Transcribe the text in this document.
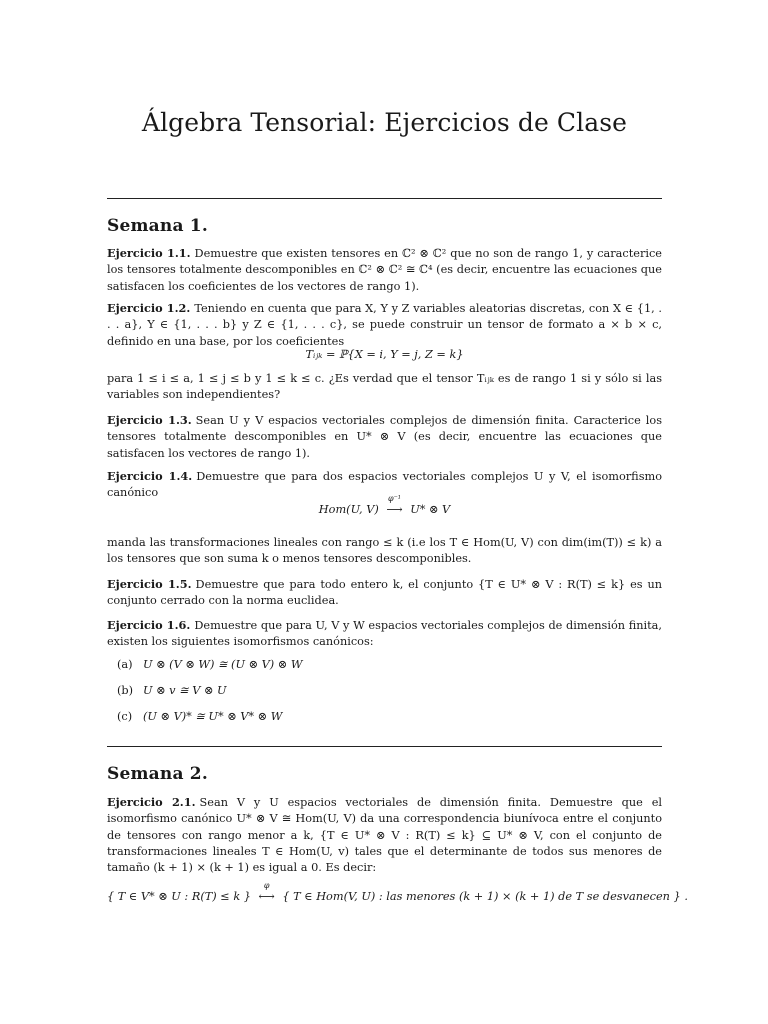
Álgebra Tensorial: Ejercicios de Clase
Semana 1.

Ejercicio 1.1. Demuestre que existen tensores en ℂ² ⊗ ℂ² que no son de rango 1, y caracterice los tensores totalmente descomponibles en ℂ² ⊗ ℂ² ≅ ℂ⁴ (es decir, encuentre las ecuaciones que satisfacen los coeficientes de los vectores de rango 1).

Ejercicio 1.2. Teniendo en cuenta que para X, Y y Z variables aleatorias discretas, con X ∈ {1, . . . a}, Y ∈ {1, . . . b} y Z ∈ {1, . . . c}, se puede construir un tensor de formato a × b × c, definido en una base, por los coeficientes

Tᵢⱼₖ = ℙ{X = i, Y = j, Z = k}

para 1 ≤ i ≤ a, 1 ≤ j ≤ b y 1 ≤ k ≤ c. ¿Es verdad que el tensor Tᵢⱼₖ es de rango 1 si y sólo si las variables son independientes?

Ejercicio 1.3. Sean U y V espacios vectoriales complejos de dimensión finita. Caracterice los tensores totalmente descomponibles en U* ⊗ V (es decir, encuentre las ecuaciones que satisfacen los vectores de rango 1).

Ejercicio 1.4. Demuestre que para dos espacios vectoriales complejos U y V, el isomorfismo canónico

Hom(U, V)
φ⁻¹
⟶ U* ⊗ V

manda las transformaciones lineales con rango ≤ k (i.e los T ∈ Hom(U, V) con dim(im(T)) ≤ k) a los tensores que son suma k o menos tensores descomponibles.

Ejercicio 1.5. Demuestre que para todo entero k, el conjunto {T ∈ U* ⊗ V : R(T) ≤ k} es un conjunto cerrado con la norma euclidea.

Ejercicio 1.6. Demuestre que para U, V y W espacios vectoriales complejos de dimensión finita, existen los siguientes isomorfismos canónicos:

(a) U ⊗ (V ⊗ W) ≅ (U ⊗ V) ⊗ W
(b) U ⊗ v ≅ V ⊗ U
(c) (U ⊗ V)* ≅ U* ⊗ V* ⊗ W
Semana 2.

Ejercicio 2.1. Sean V y U espacios vectoriales de dimensión finita. Demuestre que el isomorfismo canónico U* ⊗ V ≅ Hom(U, V) da una correspondencia biunívoca entre el conjunto de tensores con rango menor a k, {T ∈ U* ⊗ V : R(T) ≤ k} ⊆ U* ⊗ V, con el conjunto de transformaciones lineales T ∈ Hom(U, v) tales que el determinante de todos sus menores de tamaño (k + 1) × (k + 1) es igual a 0. Es decir:

{ T ∈ V* ⊗ U : R(T) ≤ k }
φ
⟷ { T ∈ Hom(V, U) : las menores (k + 1) × (k + 1) de T se desvanecen } .
